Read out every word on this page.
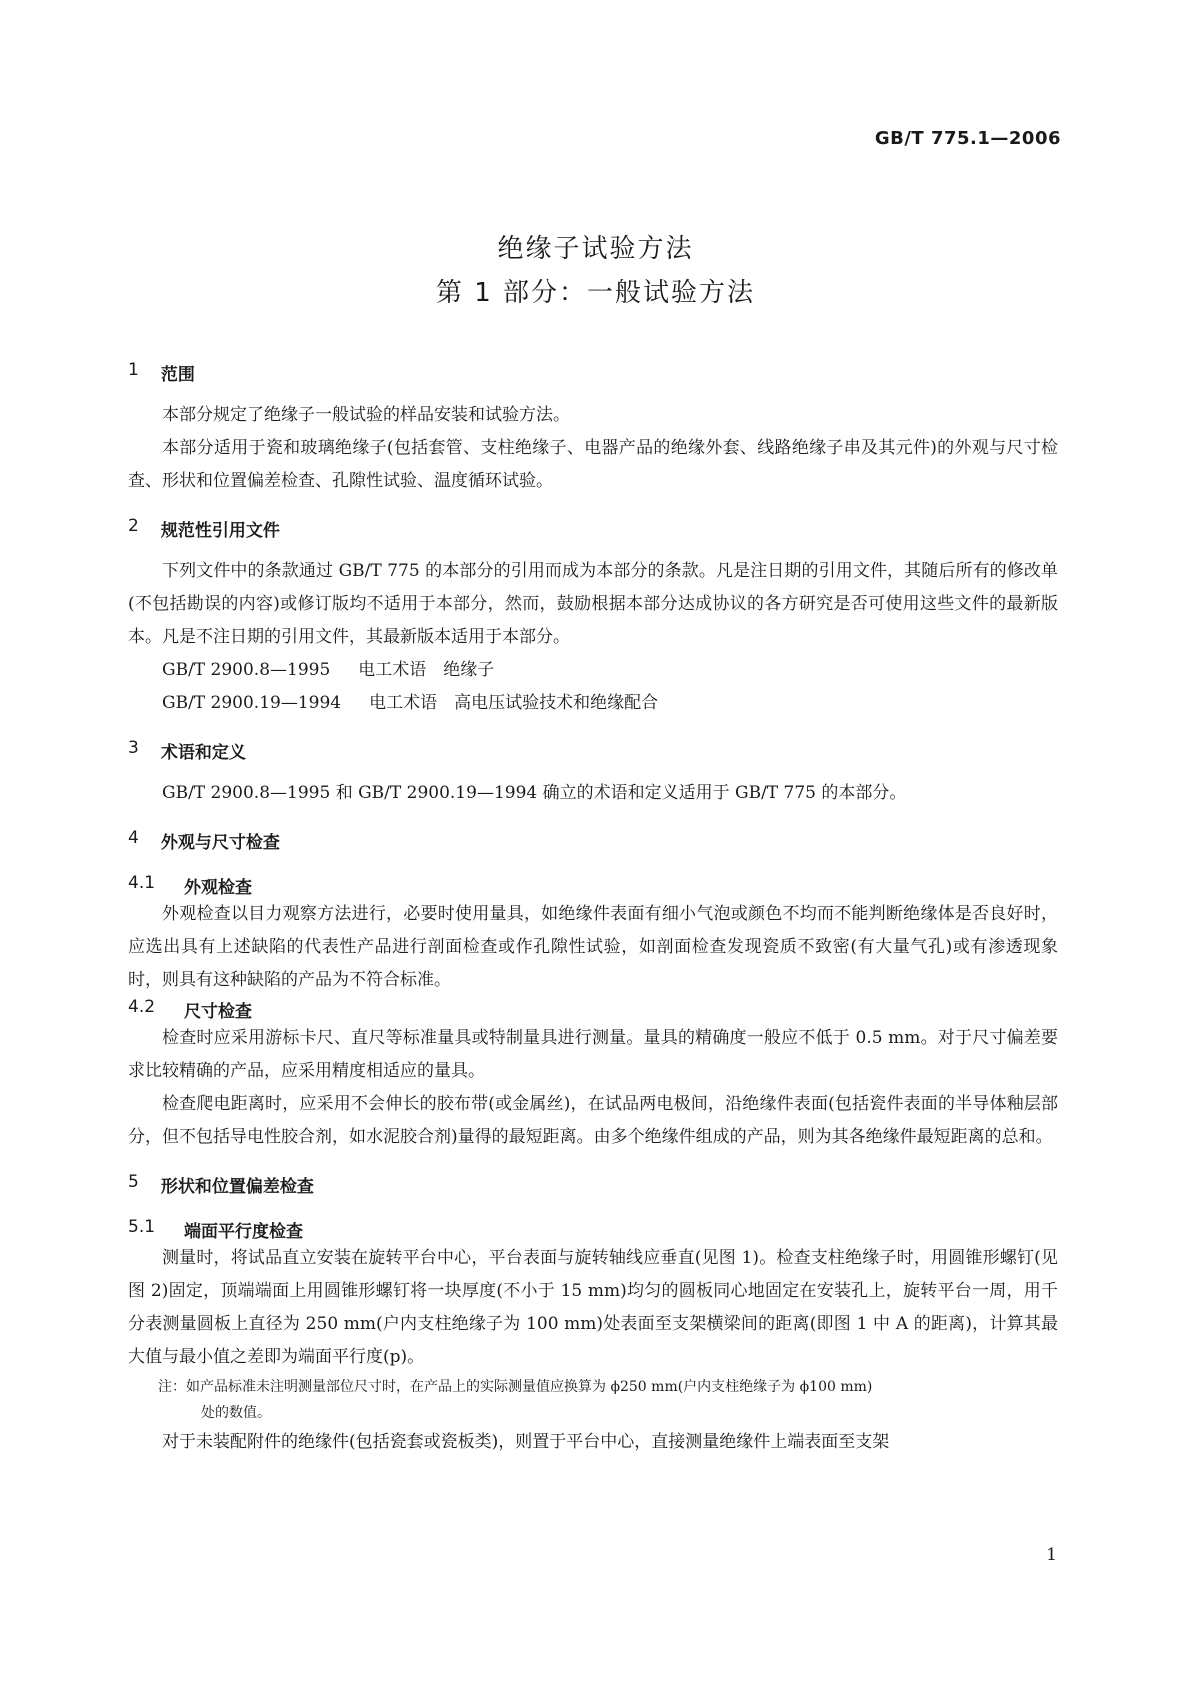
GB/T 775.1—2006
绝缘子试验方法
第 1 部分：一般试验方法
1 范围

本部分规定了绝缘子一般试验的样品安装和试验方法。

本部分适用于瓷和玻璃绝缘子(包括套管、支柱绝缘子、电器产品的绝缘外套、线路绝缘子串及其元件)的外观与尺寸检查、形状和位置偏差检查、孔隙性试验、温度循环试验。

2 规范性引用文件

下列文件中的条款通过 GB/T 775 的本部分的引用而成为本部分的条款。凡是注日期的引用文件，其随后所有的修改单(不包括勘误的内容)或修订版均不适用于本部分，然而，鼓励根据本部分达成协议的各方研究是否可使用这些文件的最新版本。凡是不注日期的引用文件，其最新版本适用于本部分。

GB/T 2900.8—1995 电工术语　绝缘子

GB/T 2900.19—1994 电工术语　高电压试验技术和绝缘配合

3 术语和定义

GB/T 2900.8—1995 和 GB/T 2900.19—1994 确立的术语和定义适用于 GB/T 775 的本部分。

4 外观与尺寸检查
4.1	外观检查

外观检查以目力观察方法进行，必要时使用量具，如绝缘件表面有细小气泡或颜色不均而不能判断绝缘体是否良好时，应选出具有上述缺陷的代表性产品进行剖面检查或作孔隙性试验，如剖面检查发现瓷质不致密(有大量气孔)或有渗透现象时，则具有这种缺陷的产品为不符合标准。

4.2	尺寸检查

检查时应采用游标卡尺、直尺等标准量具或特制量具进行测量。量具的精确度一般应不低于 0.5 mm。对于尺寸偏差要求比较精确的产品，应采用精度相适应的量具。

检查爬电距离时，应采用不会伸长的胶布带(或金属丝)，在试品两电极间，沿绝缘件表面(包括瓷件表面的半导体釉层部分，但不包括导电性胶合剂，如水泥胶合剂)量得的最短距离。由多个绝缘件组成的产品，则为其各绝缘件最短距离的总和。

5 形状和位置偏差检查
5.1	端面平行度检查

测量时，将试品直立安装在旋转平台中心，平台表面与旋转轴线应垂直(见图 1)。检查支柱绝缘子时，用圆锥形螺钉(见图 2)固定，顶端端面上用圆锥形螺钉将一块厚度(不小于 15 mm)均匀的圆板同心地固定在安装孔上，旋转平台一周，用千分表测量圆板上直径为 250 mm(户内支柱绝缘子为 100 mm)处表面至支架横梁间的距离(即图 1 中 A 的距离)，计算其最大值与最小值之差即为端面平行度(p)。

注：如产品标准未注明测量部位尺寸时，在产品上的实际测量值应换算为 ϕ250 mm(户内支柱绝缘子为 ϕ100 mm)
处的数值。

对于未装配附件的绝缘件(包括瓷套或瓷板类)，则置于平台中心，直接测量绝缘件上端表面至支架

1
